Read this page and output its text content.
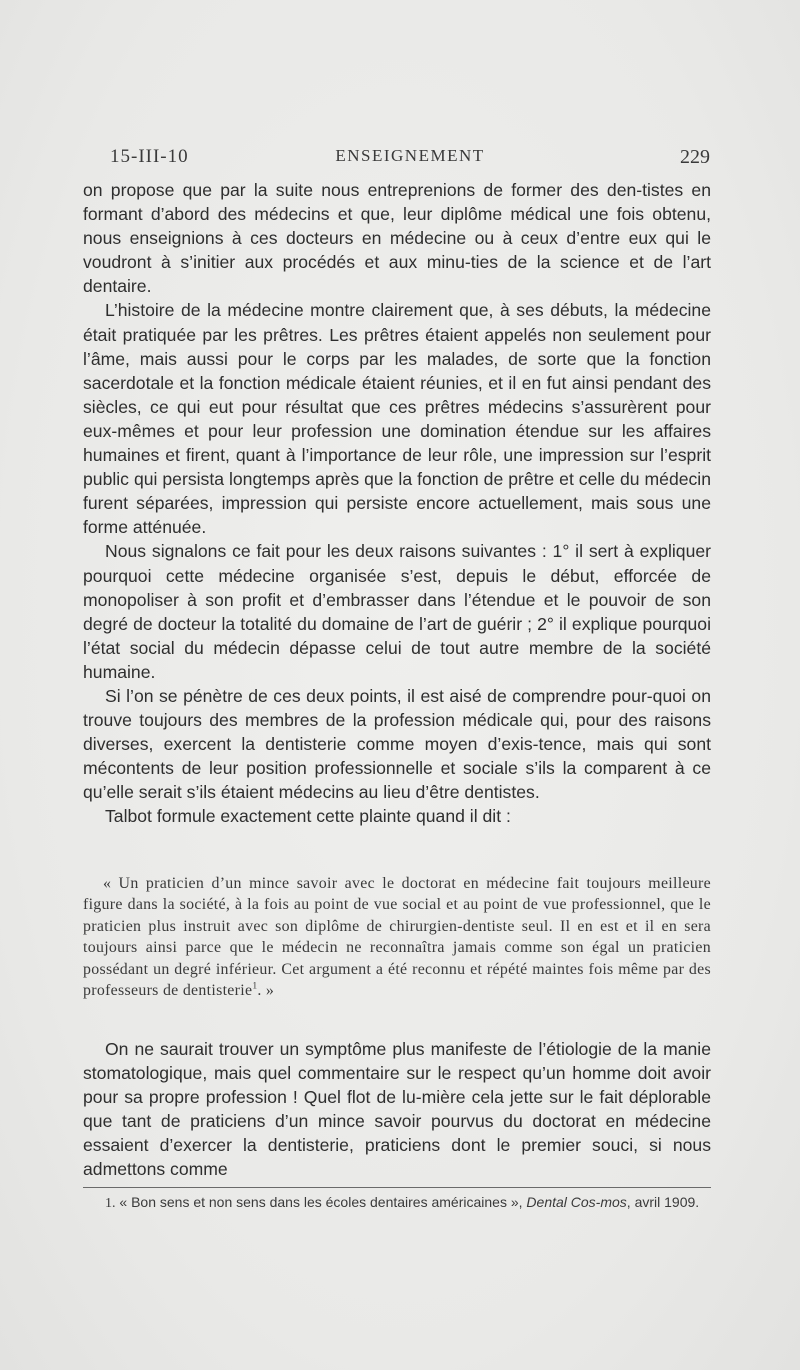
15-III-10	ENSEIGNEMENT	229

on propose que par la suite nous entreprenions de former des den-tistes en formant d’abord des médecins et que, leur diplôme médical une fois obtenu, nous enseignions à ces docteurs en médecine ou à ceux d’entre eux qui le voudront à s’initier aux procédés et aux minu-ties de la science et de l’art dentaire.

L’histoire de la médecine montre clairement que, à ses débuts, la médecine était pratiquée par les prêtres. Les prêtres étaient appelés non seulement pour l’âme, mais aussi pour le corps par les malades, de sorte que la fonction sacerdotale et la fonction médicale étaient réunies, et il en fut ainsi pendant des siècles, ce qui eut pour résultat que ces prêtres médecins s’assurèrent pour eux-mêmes et pour leur profession une domination étendue sur les affaires humaines et firent, quant à l’importance de leur rôle, une impression sur l’esprit public qui persista longtemps après que la fonction de prêtre et celle du médecin furent séparées, impression qui persiste encore actuellement, mais sous une forme atténuée.

Nous signalons ce fait pour les deux raisons suivantes : 1° il sert à expliquer pourquoi cette médecine organisée s’est, depuis le début, efforcée de monopoliser à son profit et d’embrasser dans l’étendue et le pouvoir de son degré de docteur la totalité du domaine de l’art de guérir ; 2° il explique pourquoi l’état social du médecin dépasse celui de tout autre membre de la société humaine.

Si l’on se pénètre de ces deux points, il est aisé de comprendre pour-quoi on trouve toujours des membres de la profession médicale qui, pour des raisons diverses, exercent la dentisterie comme moyen d’exis-tence, mais qui sont mécontents de leur position professionnelle et sociale s’ils la comparent à ce qu’elle serait s’ils étaient médecins au lieu d’être dentistes.

Talbot formule exactement cette plainte quand il dit :

« Un praticien d’un mince savoir avec le doctorat en médecine fait toujours meilleure figure dans la société, à la fois au point de vue social et au point de vue professionnel, que le praticien plus instruit avec son diplôme de chirurgien-dentiste seul. Il en est et il en sera toujours ainsi parce que le médecin ne reconnaîtra jamais comme son égal un praticien possédant un degré inférieur. Cet argument a été reconnu et répété maintes fois même par des professeurs de dentisterie$^1$. »

On ne saurait trouver un symptôme plus manifeste de l’étiologie de la manie stomatologique, mais quel commentaire sur le respect qu’un homme doit avoir pour sa propre profession ! Quel flot de lu-mière cela jette sur le fait déplorable que tant de praticiens d’un mince savoir pourvus du doctorat en médecine essaient d’exercer la dentisterie, praticiens dont le premier souci, si nous admettons comme

1. « Bon sens et non sens dans les écoles dentaires américaines », Dental Cos-mos, avril 1909.
